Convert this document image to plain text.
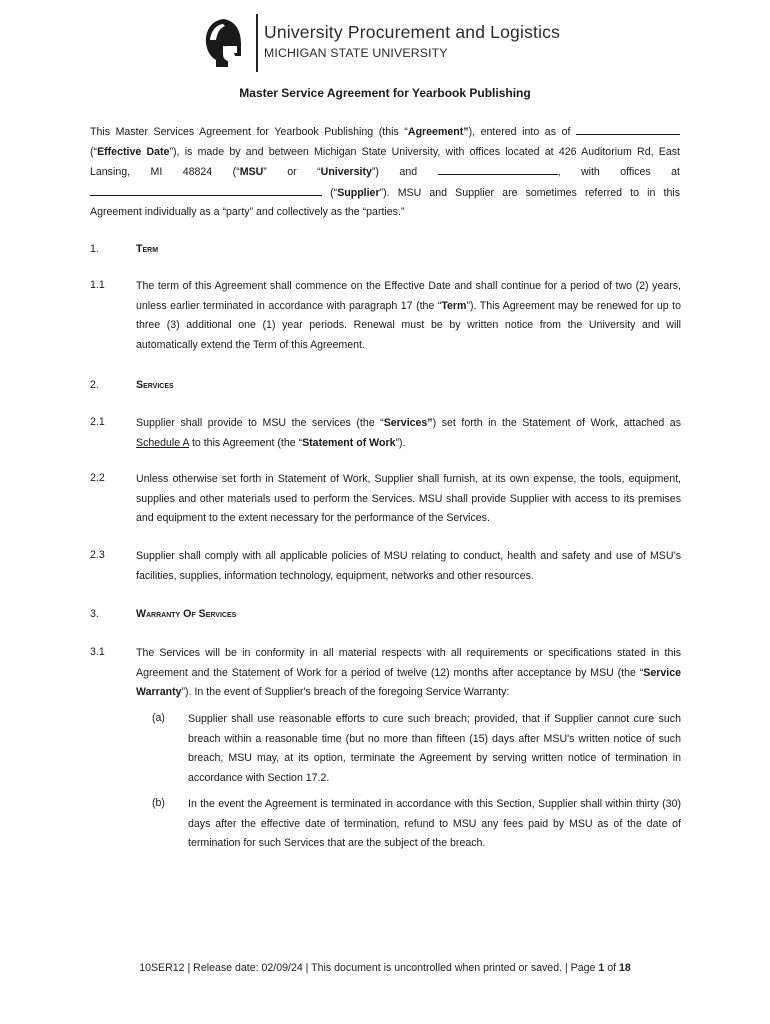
University Procurement and Logistics
MICHIGAN STATE UNIVERSITY
Master Service Agreement for Yearbook Publishing
This Master Services Agreement for Yearbook Publishing (this “Agreement”), entered into as of  (“Effective Date”), is made by and between Michigan State University, with offices located at 426 Auditorium Rd, East Lansing, MI 48824 (“MSU” or “University”) and	, with offices at  (“Supplier”). MSU and Supplier are sometimes referred to in this Agreement individually as a “party” and collectively as the “parties.”
1.	Term
1.1	The term of this Agreement shall commence on the Effective Date and shall continue for a period of two (2) years, unless earlier terminated in accordance with paragraph 17 (the “Term”). This Agreement may be renewed for up to three (3) additional one (1) year periods. Renewal must be by written notice from the University and will automatically extend the Term of this Agreement.
2.	Services
2.1	Supplier shall provide to MSU the services (the “Services”) set forth in the Statement of Work, attached as Schedule A to this Agreement (the “Statement of Work”).
2.2	Unless otherwise set forth in Statement of Work, Supplier shall furnish, at its own expense, the tools, equipment, supplies and other materials used to perform the Services. MSU shall provide Supplier with access to its premises and equipment to the extent necessary for the performance of the Services.
2.3	Supplier shall comply with all applicable policies of MSU relating to conduct, health and safety and use of MSU’s facilities, supplies, information technology, equipment, networks and other resources.
3.	Warranty Of Services
3.1	The Services will be in conformity in all material respects with all requirements or specifications stated in this Agreement and the Statement of Work for a period of twelve (12) months after acceptance by MSU (the “Service Warranty”). In the event of Supplier's breach of the foregoing Service Warranty:
(a) Supplier shall use reasonable efforts to cure such breach; provided, that if Supplier cannot cure such breach within a reasonable time (but no more than fifteen (15) days after MSU's written notice of such breach, MSU may, at its option, terminate the Agreement by serving written notice of termination in accordance with Section 17.2.
(b) In the event the Agreement is terminated in accordance with this Section, Supplier shall within thirty (30) days after the effective date of termination, refund to MSU any fees paid by MSU as of the date of termination for such Services that are the subject of the breach.
10SER12 | Release date: 02/09/24 | This document is uncontrolled when printed or saved. | Page 1 of 18
